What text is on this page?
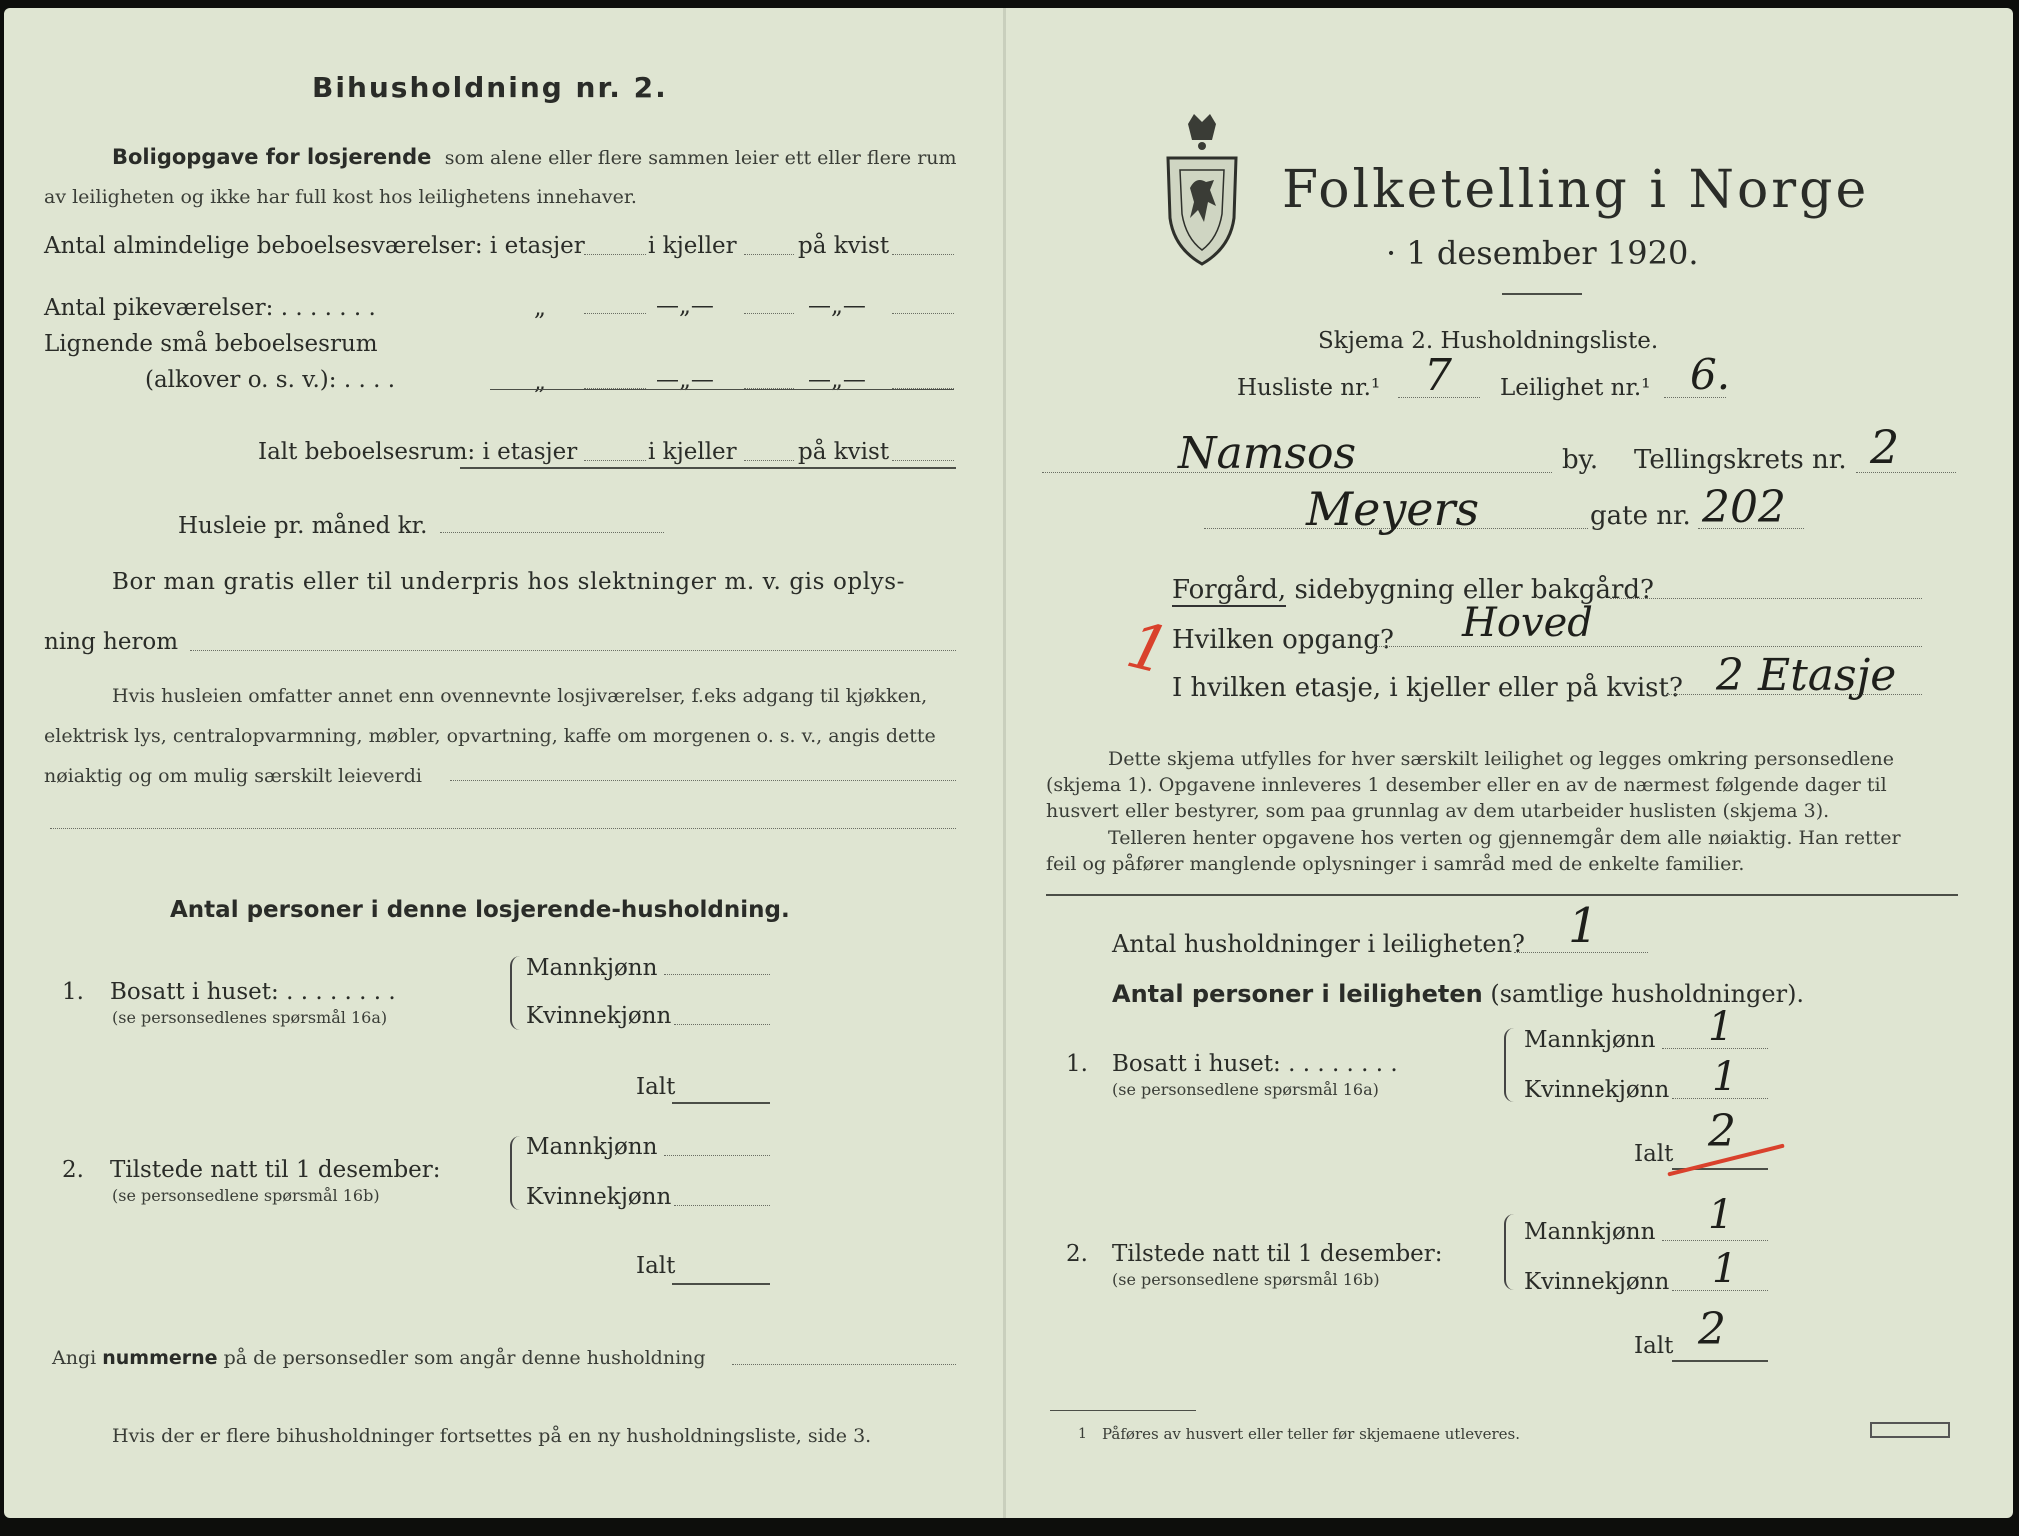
Bihusholdning nr. 2.
Boligopgave for losjerende som alene eller flere sammen leier ett eller flere rum
av leiligheten og ikke har full kost hos leilighetens innehaver.
Antal almindelige beboelsesværelser: i etasjer	i kjeller	på kvist
Antal pikeværelser: . . . . . . .	„	—„—	—„—
Lignende små beboelsesrum
(alkover o. s. v.): . . . .	„	—„—	—„—
Ialt beboelsesrum: i etasjer	i kjeller	på kvist
Husleie pr. måned kr.
Bor man gratis eller til underpris hos slektninger m. v. gis oplys-
ning herom
Hvis husleien omfatter annet enn ovennevnte losjiværelser, f.eks adgang til kjøkken,
elektrisk lys, centralopvarmning, møbler, opvartning, kaffe om morgenen o. s. v., angis dette
nøiaktig og om mulig særskilt leieverdi
Antal personer i denne losjerende-husholdning.
1. Bosatt i huset: . . . . . . . .
(se personsedlenes spørsmål 16a)
Mannkjønn
Kvinnekjønn
Ialt
2. Tilstede natt til 1 desember:
(se personsedlene spørsmål 16b)
Mannkjønn
Kvinnekjønn
Ialt
Angi nummerne på de personsedler som angår denne husholdning
Hvis der er flere bihusholdninger fortsettes på en ny husholdningsliste, side 3.
Folketelling i Norge
· 1 desember 1920.
Skjema 2. Husholdningsliste.
Husliste nr.¹ 7 Leilighet nr.¹ 6.
Namsos	by. Tellingskrets nr. 2
Meyers	gate nr. 202
Forgård, sidebygning eller bakgård?
1
Hvilken opgang? Hoved
I hvilken etasje, i kjeller eller på kvist? 2 Etasje
Dette skjema utfylles for hver særskilt leilighet og legges omkring personsedlene
(skjema 1). Opgavene innleveres 1 desember eller en av de nærmest følgende dager til
husvert eller bestyrer, som paa grunnlag av dem utarbeider huslisten (skjema 3).
Telleren henter opgavene hos verten og gjennemgår dem alle nøiaktig. Han retter
feil og påfører manglende oplysninger i samråd med de enkelte familier.
Antal husholdninger i leiligheten? 1
Antal personer i leiligheten (samtlige husholdninger).
1. Bosatt i huset: . . . . . . . .
(se personsedlene spørsmål 16a)
Mannkjønn 1
Kvinnekjønn 1
Ialt 2
2. Tilstede natt til 1 desember:
(se personsedlene spørsmål 16b)
Mannkjønn 1
Kvinnekjønn 1
Ialt 2
1 Påføres av husvert eller teller før skjemaene utleveres.
